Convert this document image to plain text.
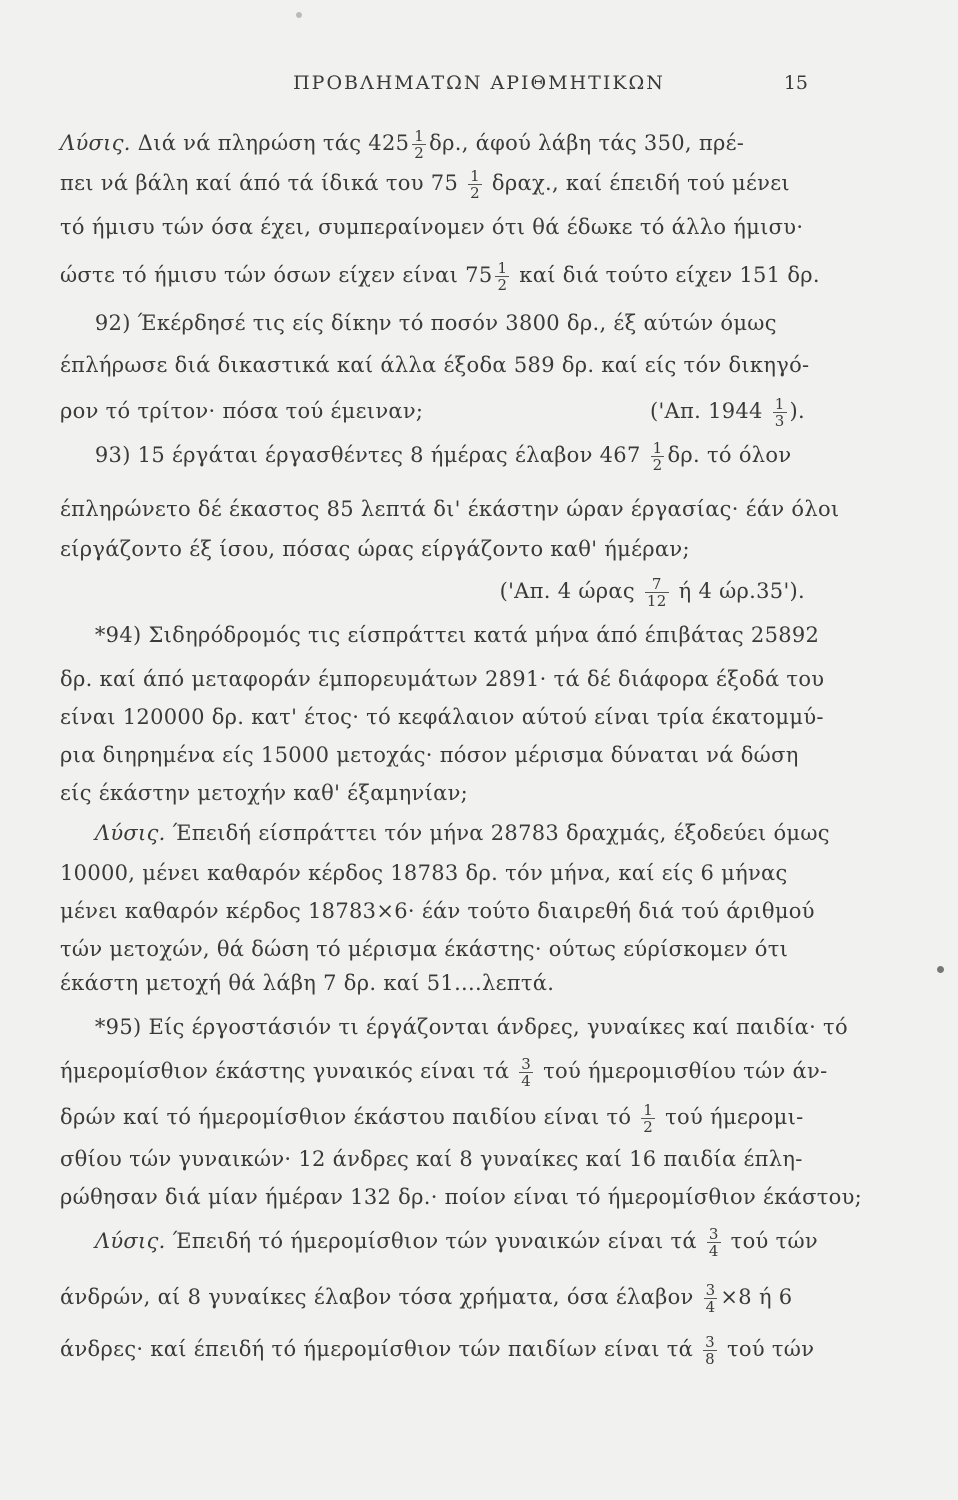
ΠΡΟΒΛΗΜΑΤΩΝ ΑΡΙΘΜΗΤΙΚΩΝ	15
Λύσις. Διά νά πληρώση τάς $425 \frac{1}{2} \delta\rho$., άφού λάβη τάς 350, πρέ-
πει νά βάλη καί άπό τά ίδικά του $75 \frac{1}{2} \delta\rho\alpha\chi$., καί έπειδή τού μένει
τό ήμισυ τών όσα έχει, συμπεραίνομεν ότι θά έδωκε τό άλλο ήμισυ·
ώστε τό ήμισυ τών όσων είχεν είναι $75 \frac{1}{2}$ καί διά τούτο είχεν 151 δρ.
92) Έκέρδησέ τις είς δίκην τό ποσόν 3800 δρ., έξ αύτών όμως
έπλήρωσε διά δικαστικά καί άλλα έξοδα 589 δρ. καί είς τόν δικηγό-
ρον τό τρίτον· πόσα τού έμειναν;	('Απ. $1944 \frac{1}{3}$ ).
93) 15 έργάται έργασθέντες 8 ήμέρας έλαβον $467 \frac{1}{2} \delta\rho$. τό όλον
έπληρώνετο δέ έκαστος 85 λεπτά δι' έκάστην ώραν έργασίας· έάν όλοι
είργάζοντο έξ ίσου, πόσας ώρας είργάζοντο καθ' ήμέραν;
('Απ. 4 ώρας $\frac{7}{12}$ ή 4 ώρ.35').
*94) Σιδηρόδρομός τις είσπράττει κατά μήνα άπό έπιβάτας 25892
δρ. καί άπό μεταφοράν έμπορευμάτων 2891· τά δέ διάφορα έξοδά του
είναι 120000 δρ. κατ' έτος· τό κεφάλαιον αύτού είναι τρία έκατομμύ-
ρια διηρημένα είς 15000 μετοχάς· πόσον μέρισμα δύναται νά δώση
είς έκάστην μετοχήν καθ' έξαμηνίαν;
Λύσις. Έπειδή είσπράττει τόν μήνα 28783 δραχμάς, έξοδεύει όμως
10000, μένει καθαρόν κέρδος 18783 δρ. τόν μήνα, καί είς 6 μήνας
μένει καθαρόν κέρδος 18783×6· έάν τούτο διαιρεθή διά τού άριθμού
τών μετοχών, θά δώση τό μέρισμα έκάστης· ούτως εύρίσκομεν ότι
έκάστη μετοχή θά λάβη 7 δρ. καί 51....λεπτά.
*95) Είς έργοστάσιόν τι έργάζονται άνδρες, γυναίκες καί παιδία· τό
ήμερομίσθιον έκάστης γυναικός είναι τά $\frac{3}{4}$ τού ήμερομισθίου τών άν-
δρών καί τό ήμερομίσθιον έκάστου παιδίου είναι τό $\frac{1}{2}$ τού ήμερομι-
σθίου τών γυναικών· 12 άνδρες καί 8 γυναίκες καί 16 παιδία έπλη-
ρώθησαν διά μίαν ήμέραν 132 δρ.· ποίον είναι τό ήμερομίσθιον έκάστου;
Λύσις. Έπειδή τό ήμερομίσθιον τών γυναικών είναι τά $\frac{3}{4}$ τού τών
άνδρών, αί 8 γυναίκες έλαβον τόσα χρήματα, όσα έλαβον $\frac{3}{4} \times 8$ ή 6
άνδρες· καί έπειδή τό ήμερομίσθιον τών παιδίων είναι τά $\frac{3}{8}$ τού τών
